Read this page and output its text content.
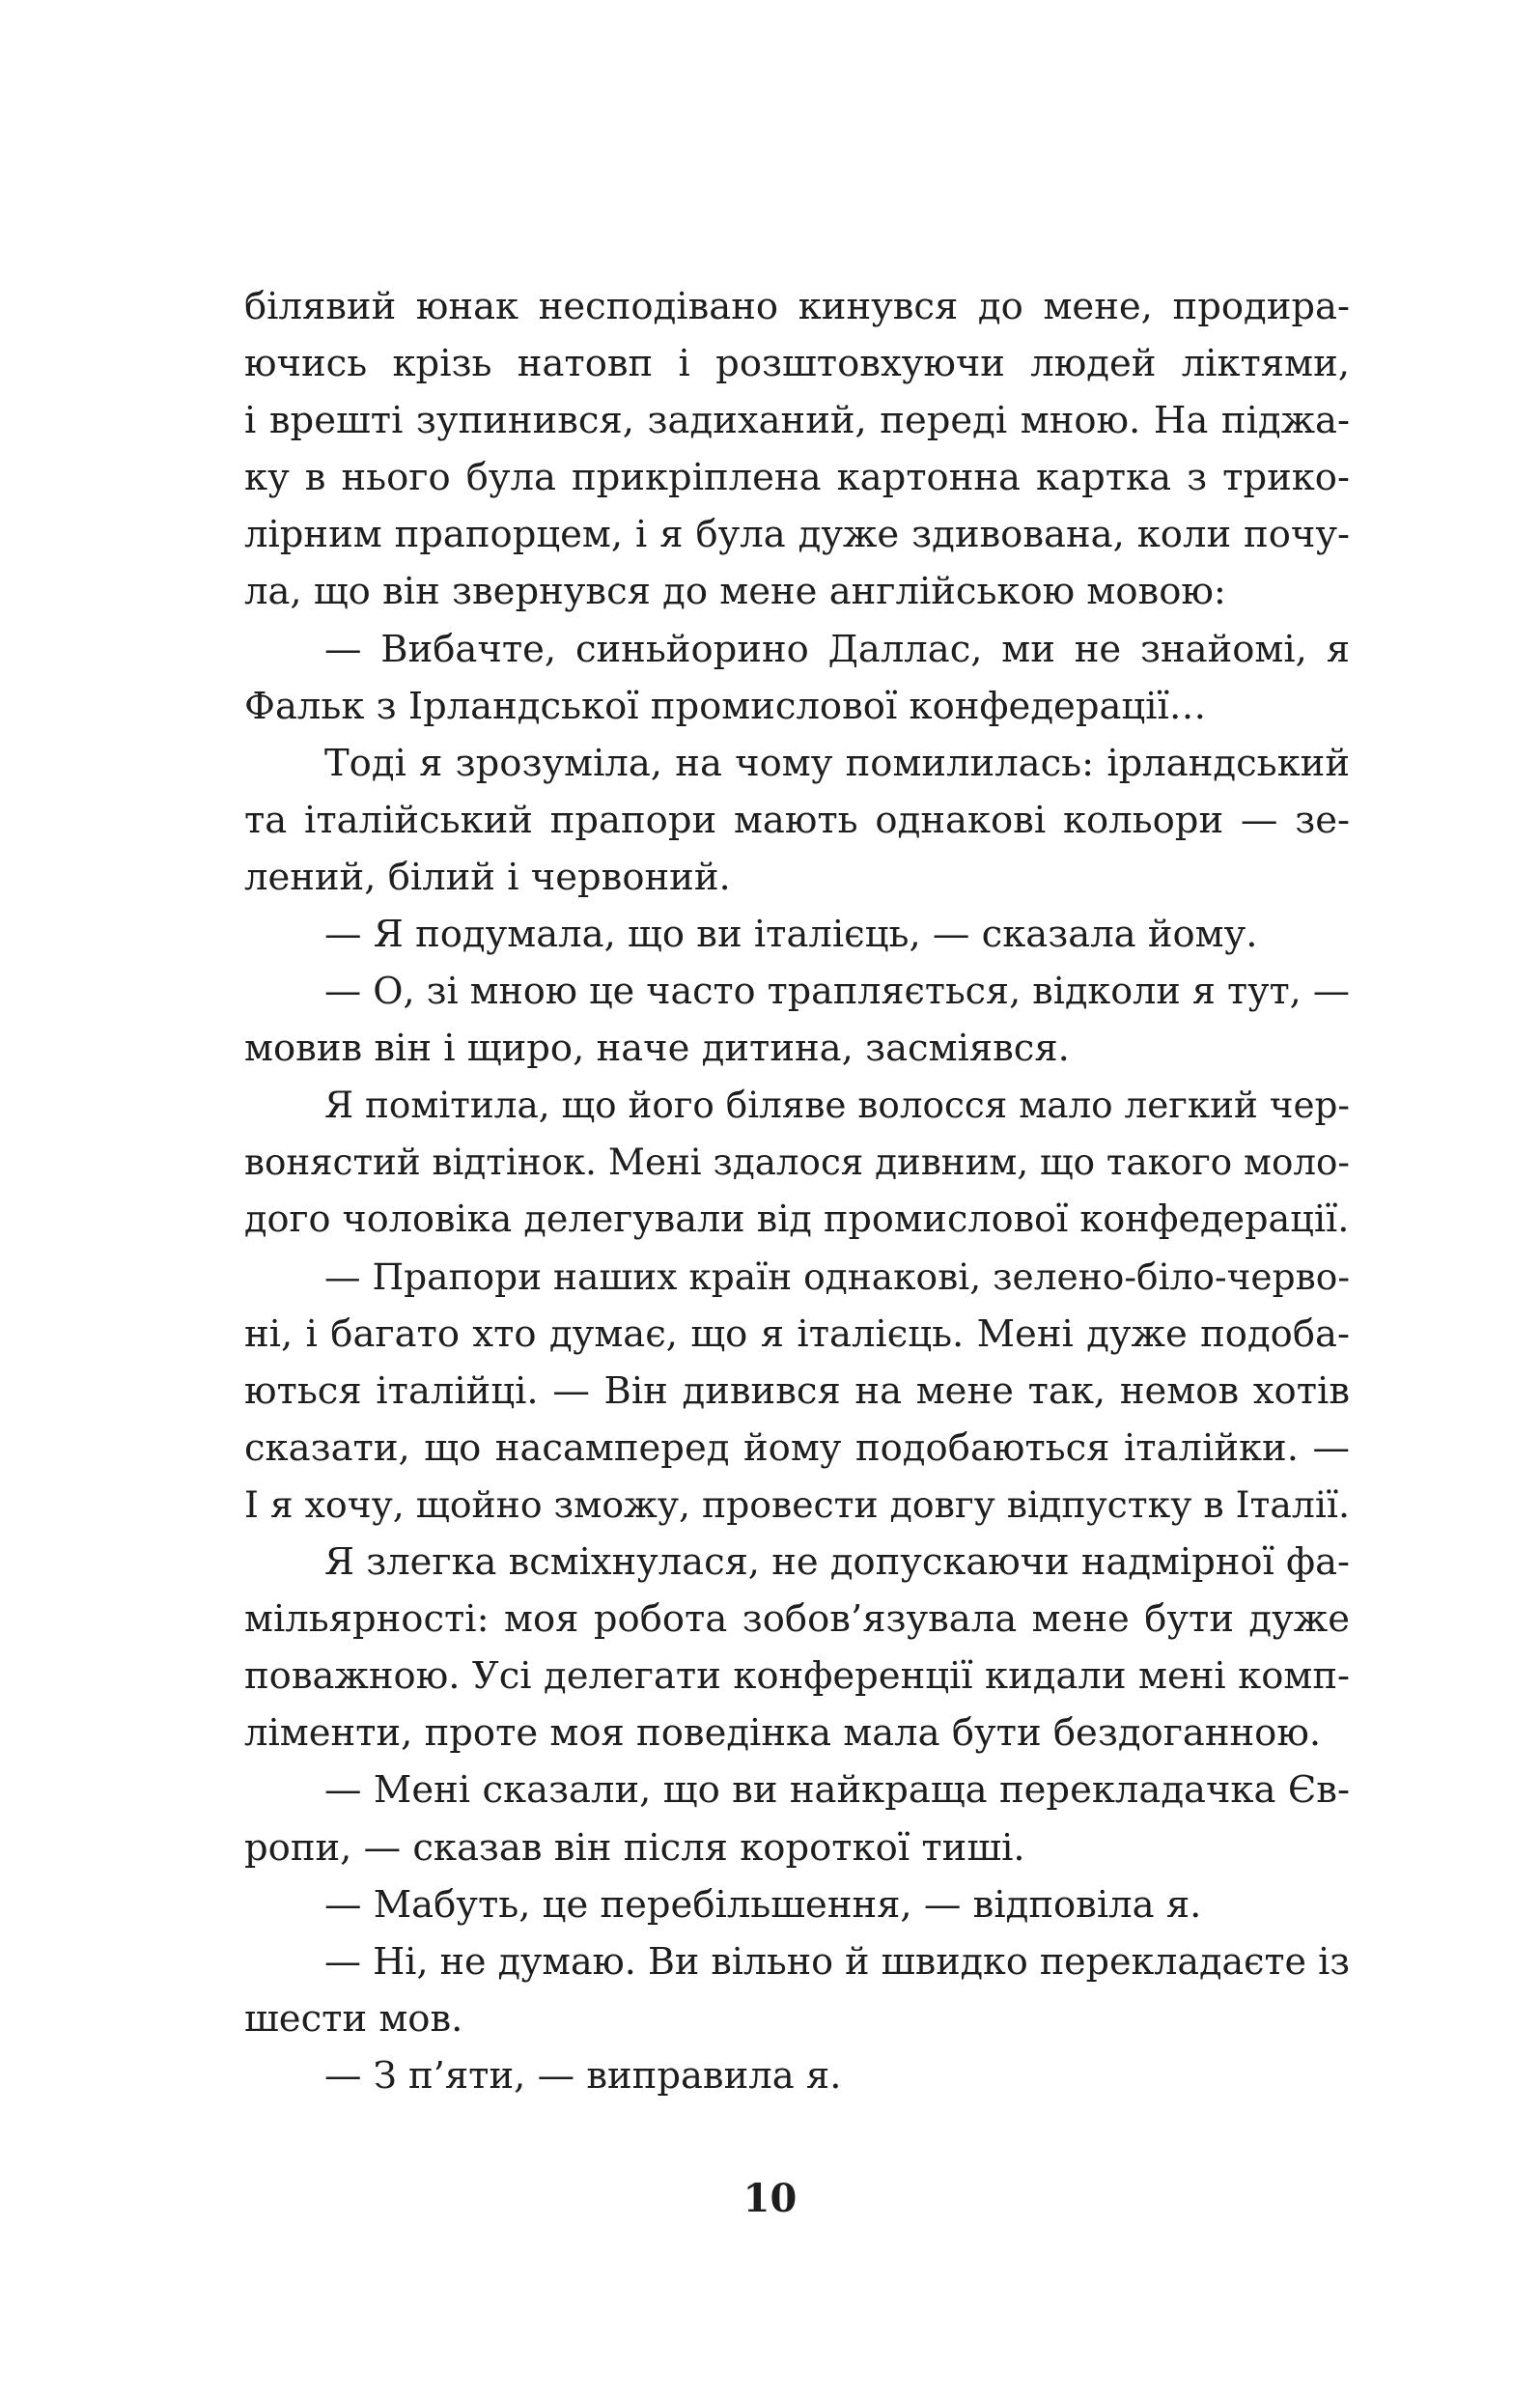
білявий юнак несподівано кинувся до мене, продира-
ючись крізь натовп і розштовхуючи людей ліктями,
і врешті зупинився, задиханий, переді мною. На піджа-
ку в нього була прикріплена картонна картка з трико-
лірним прапорцем, і я була дуже здивована, коли почу-
ла, що він звернувся до мене англійською мовою:
— Вибачте, синьйорино Даллас, ми не знайомі, я
Фальк з Ірландської промислової конфедерації…
Тоді я зрозуміла, на чому помилилась: ірландський
та італійський прапори мають однакові кольори — зе-
лений, білий і червоний.
— Я подумала, що ви італієць, — сказала йому.
— О, зі мною це часто трапляється, відколи я тут, —
мовив він і щиро, наче дитина, засміявся.
Я помітила, що його біляве волосся мало легкий чер-
вонястий відтінок. Мені здалося дивним, що такого моло-
дого чоловіка делегували від промислової конфедерації.
— Прапори наших країн однакові, зелено-біло-черво-
ні, і багато хто думає, що я італієць. Мені дуже подоба-
ються італійці. — Він дивився на мене так, немов хотів
сказати, що насамперед йому подобаються італійки. —
І я хочу, щойно зможу, провести довгу відпустку в Італії.
Я злегка всміхнулася, не допускаючи надмірної фа-
мільярності: моя робота зобов’язувала мене бути дуже
поважною. Усі делегати конференції кидали мені комп-
ліменти, проте моя поведінка мала бути бездоганною.
— Мені сказали, що ви найкраща перекладачка Єв-
ропи, — сказав він після короткої тиші.
— Мабуть, це перебільшення, — відповіла я.
— Ні, не думаю. Ви вільно й швидко перекладаєте із
шести мов.
— З п’яти, — виправила я.
10
